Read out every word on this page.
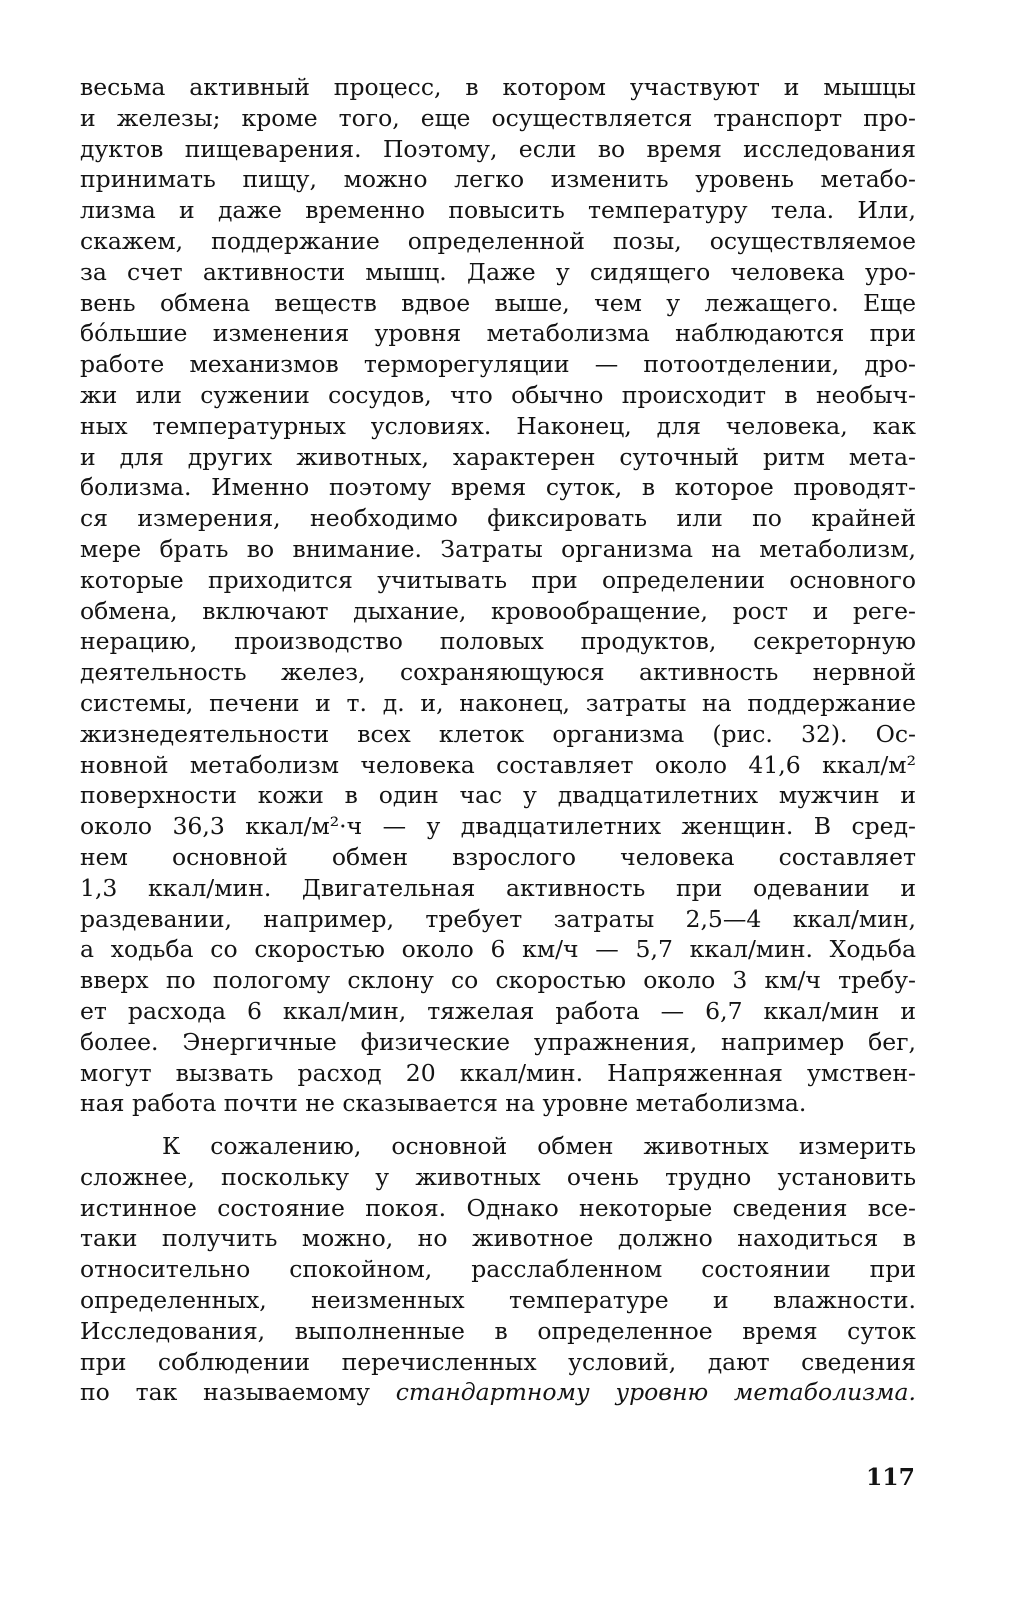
весьма активный процесс, в котором участвуют и мышцы
и железы; кроме того, еще осуществляется транспорт про-
дуктов пищеварения. Поэтому, если во время исследования
принимать пищу, можно легко изменить уровень метабо-
лизма и даже временно повысить температуру тела. Или,
скажем, поддержание определенной позы, осуществляемое
за счет активности мышц. Даже у сидящего человека уро-
вень обмена веществ вдвое выше, чем у лежащего. Еще
бо́льшие изменения уровня метаболизма наблюдаются при
работе механизмов терморегуляции — потоотделении, дро-
жи или сужении сосудов, что обычно происходит в необыч-
ных температурных условиях. Наконец, для человека, как
и для других животных, характерен суточный ритм мета-
болизма. Именно поэтому время суток, в которое проводят-
ся измерения, необходимо фиксировать или по крайней
мере брать во внимание. Затраты организма на метаболизм,
которые приходится учитывать при определении основного
обмена, включают дыхание, кровообращение, рост и реге-
нерацию, производство половых продуктов, секреторную
деятельность желез, сохраняющуюся активность нервной
системы, печени и т. д. и, наконец, затраты на поддержание
жизнедеятельности всех клеток организма (рис. 32). Ос-
новной метаболизм человека составляет около 41,6 ккал/м²
поверхности кожи в один час у двадцатилетних мужчин и
около 36,3 ккал/м²·ч — у двадцатилетних женщин. В сред-
нем основной обмен взрослого человека составляет
1,3 ккал/мин. Двигательная активность при одевании и
раздевании, например, требует затраты 2,5—4 ккал/мин,
а ходьба со скоростью около 6 км/ч — 5,7 ккал/мин. Ходьба
вверх по пологому склону со скоростью около 3 км/ч требу-
ет расхода 6 ккал/мин, тяжелая работа — 6,7 ккал/мин и
более. Энергичные физические упражнения, например бег,
могут вызвать расход 20 ккал/мин. Напряженная умствен-
ная работа почти не сказывается на уровне метаболизма.
К сожалению, основной обмен животных измерить
сложнее, поскольку у животных очень трудно установить
истинное состояние покоя. Однако некоторые сведения все-
таки получить можно, но животное должно находиться в
относительно спокойном, расслабленном состоянии при
определенных, неизменных температуре и влажности.
Исследования, выполненные в определенное время суток
при соблюдении перечисленных условий, дают сведения
по так называемому стандартному уровню метаболизма.
117
